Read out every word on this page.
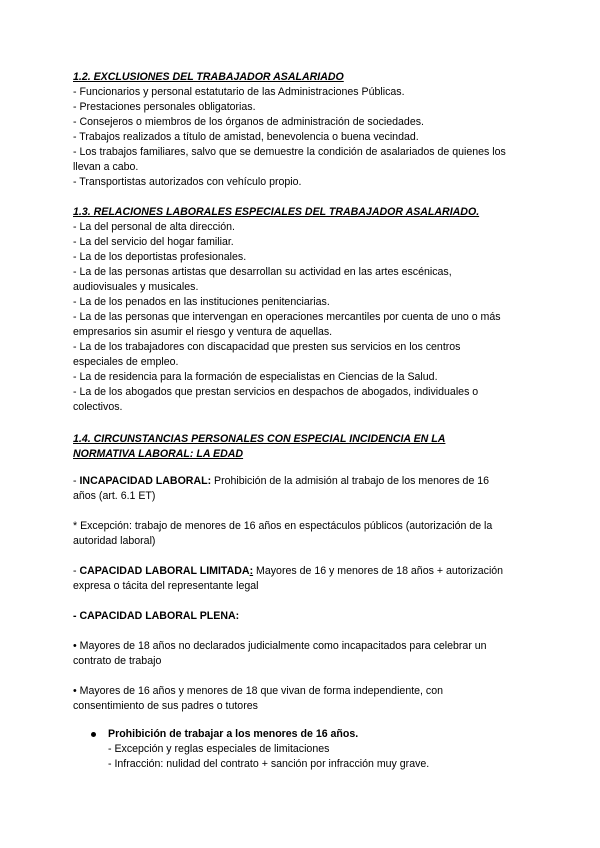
1.2. EXCLUSIONES DEL TRABAJADOR ASALARIADO

- Funcionarios y personal estatutario de las Administraciones Públicas.

- Prestaciones personales obligatorias.

- Consejeros o miembros de los órganos de administración de sociedades.

- Trabajos realizados a título de amistad, benevolencia o buena vecindad.

- Los trabajos familiares, salvo que se demuestre la condición de asalariados de quienes los

llevan a cabo.

- Transportistas autorizados con vehículo propio.

1.3. RELACIONES LABORALES ESPECIALES DEL TRABAJADOR ASALARIADO.

- La del personal de alta dirección.

- La del servicio del hogar familiar.

- La de los deportistas profesionales.

- La de las personas artistas que desarrollan su actividad en las artes escénicas,

audiovisuales y musicales.

- La de los penados en las instituciones penitenciarias.

- La de las personas que intervengan en operaciones mercantiles por cuenta de uno o más

empresarios sin asumir el riesgo y ventura de aquellas.

- La de los trabajadores con discapacidad que presten sus servicios en los centros

especiales de empleo.

- La de residencia para la formación de especialistas en Ciencias de la Salud.

- La de los abogados que prestan servicios en despachos de abogados, individuales o

colectivos.

1.4. CIRCUNSTANCIAS PERSONALES CON ESPECIAL INCIDENCIA EN LA

NORMATIVA LABORAL: LA EDAD

- INCAPACIDAD LABORAL: Prohibición de la admisión al trabajo de los menores de 16

años (art. 6.1 ET)

* Excepción: trabajo de menores de 16 años en espectáculos públicos (autorización de la

autoridad laboral)

- CAPACIDAD LABORAL LIMITADA: Mayores de 16 y menores de 18 años + autorización

expresa o tácita del representante legal

- CAPACIDAD LABORAL PLENA:

• Mayores de 18 años no declarados judicialmente como incapacitados para celebrar un

contrato de trabajo

• Mayores de 16 años y menores de 18 que vivan de forma independiente, con

consentimiento de sus padres o tutores

Prohibición de trabajar a los menores de 16 años.

- Excepción y reglas especiales de limitaciones

- Infracción: nulidad del contrato + sanción por infracción muy grave.
